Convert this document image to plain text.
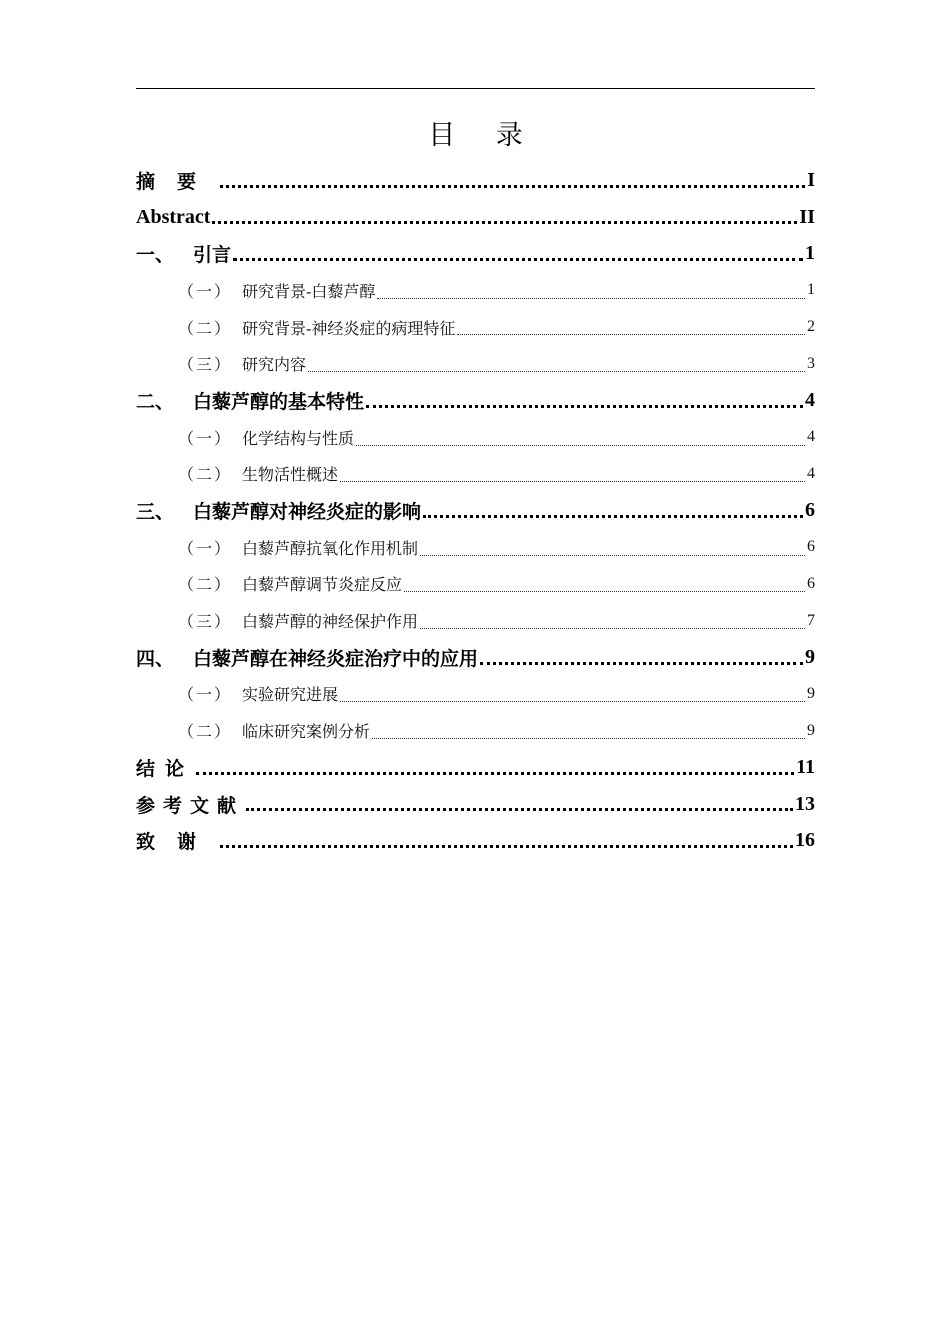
目 录
摘要	I
Abstract	II
一、 引言	1
（一） 研究背景-白藜芦醇	1
（二） 研究背景-神经炎症的病理特征	2
（三） 研究内容	3
二、 白藜芦醇的基本特性	4
（一） 化学结构与性质	4
（二） 生物活性概述	4
三、 白藜芦醇对神经炎症的影响	6
（一） 白藜芦醇抗氧化作用机制	6
（二） 白藜芦醇调节炎症反应	6
（三） 白藜芦醇的神经保护作用	7
四、 白藜芦醇在神经炎症治疗中的应用	9
（一） 实验研究进展	9
（二） 临床研究案例分析	9
结论	11
参考文献	13
致谢	16
